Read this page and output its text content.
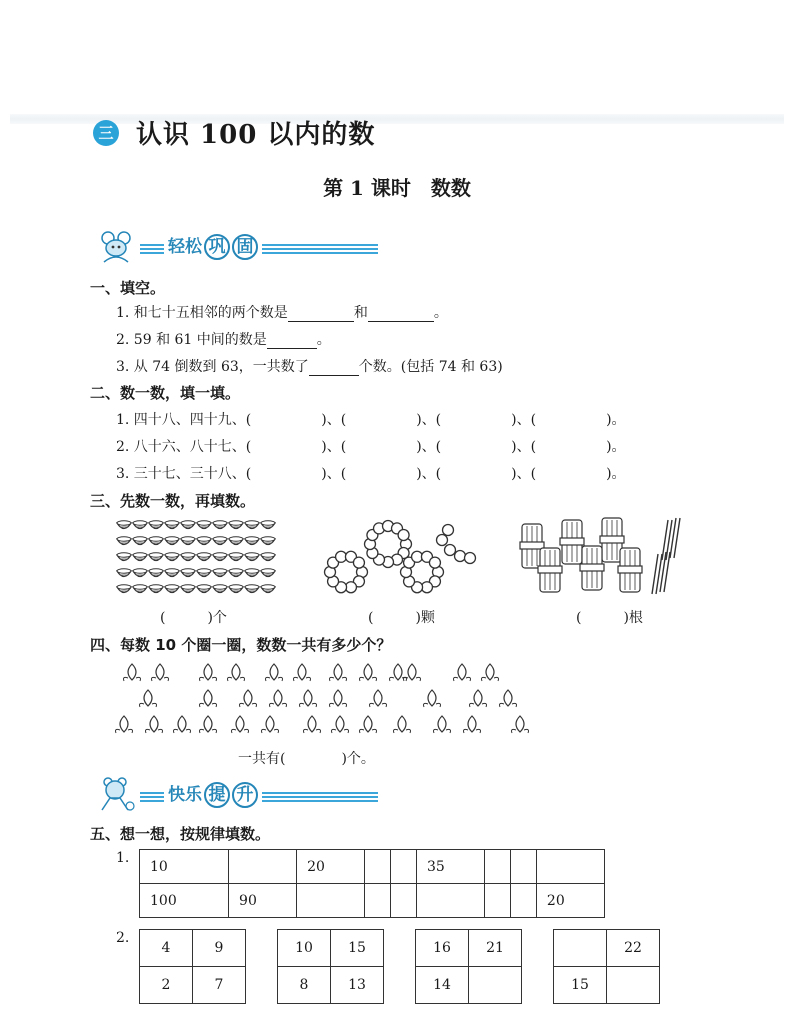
三 认识 100 以内的数
第 1 课时　数数
轻松 巩 固
一、填空。
1. 和七十五相邻的两个数是	和	。
2. 59 和 61 中间的数是	。
3. 从 74 倒数到 63，一共数了	个数。(包括 74 和 63)
二、数一数，填一填。
1. 四十八、四十九、(	)、(	)、(	)、(	)。
2. 八十六、八十七、(	)、(	)、(	)、(	)。
3. 三十七、三十八、(	)、(	)、(	)、(	)。
三、先数一数，再填数。
(　　　)个	(　　　)颗	(　　　)根
四、每数 10 个圈一圈，数数一共有多少个？
一共有(　　　　)个。
快乐 提 升
五、想一想，按规律填数。
1.
10		20			35			
100	90							20
2.
4	9
2	7
10	15
8	13
16	21
14	
	22
15	
